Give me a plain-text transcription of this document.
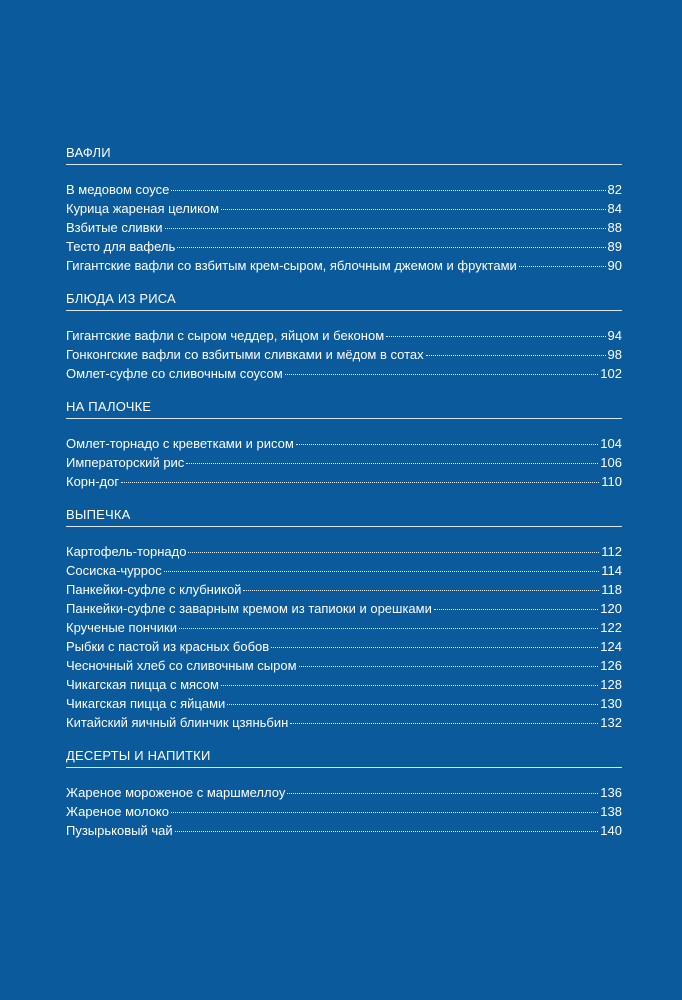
ВАФЛИ
В медовом соусе	82
Курица жареная целиком	84
Взбитые сливки	88
Тесто для вафель	89
Гигантские вафли со взбитым крем-сыром, яблочным джемом и фруктами	90
БЛЮДА ИЗ РИСА
Гигантские вафли с сыром чеддер, яйцом и беконом	94
Гонконгские вафли со взбитыми сливками и мёдом в сотах	98
Омлет-суфле со сливочным соусом	102
НА ПАЛОЧКЕ
Омлет-торнадо с креветками и рисом	104
Императорский рис	106
Корн-дог	110
ВЫПЕЧКА
Картофель-торнадо	112
Сосиска-чуррос	114
Панкейки-суфле с клубникой	118
Панкейки-суфле с заварным кремом из тапиоки и орешками	120
Крученые пончики	122
Рыбки с пастой из красных бобов	124
Чесночный хлеб со сливочным сыром	126
Чикагская пицца с мясом	128
Чикагская пицца с яйцами	130
Китайский яичный блинчик цзяньбин	132
ДЕСЕРТЫ И НАПИТКИ
Жареное мороженое с маршмеллоу	136
Жареное молоко	138
Пузырьковый чай	140
